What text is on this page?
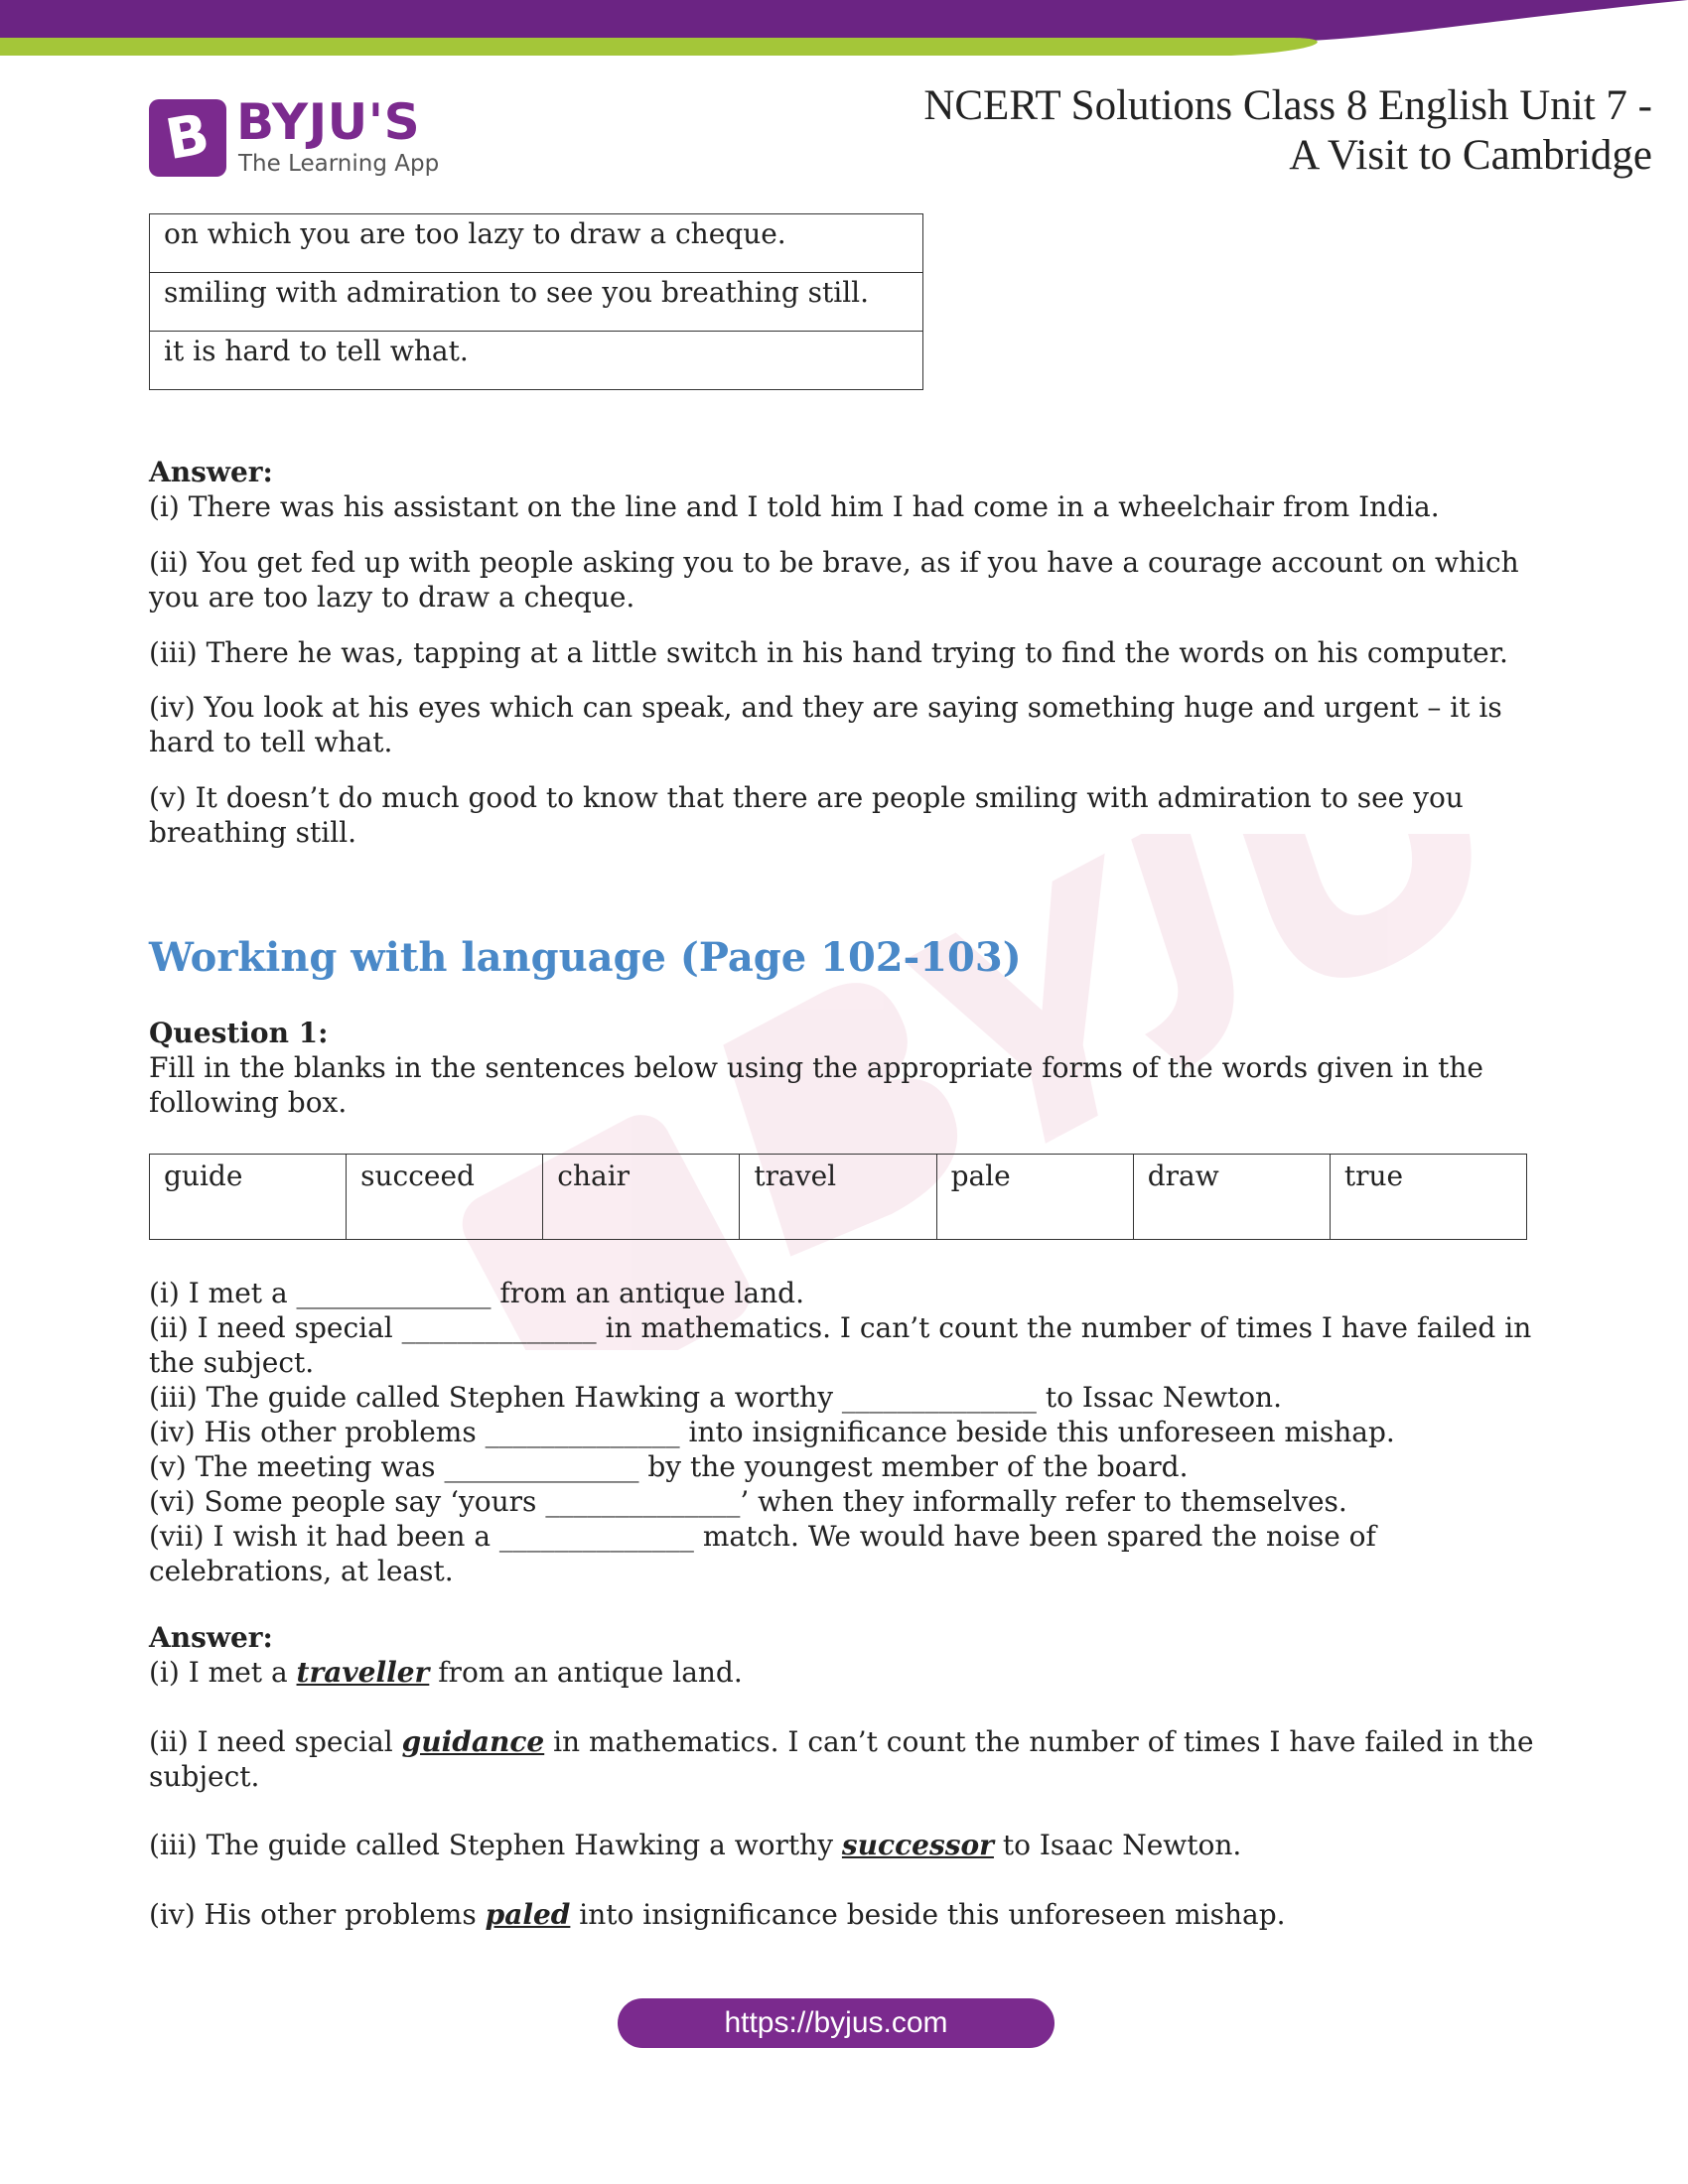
B BYJU'S
The Learning App
NCERT Solutions Class 8 English Unit 7 -
A Visit to Cambridge
on which you are too lazy to draw a cheque.
smiling with admiration to see you breathing still.
it is hard to tell what.

Answer:

(i) There was his assistant on the line and I told him I had come in a wheelchair from India.

(ii) You get fed up with people asking you to be brave, as if you have a courage account on which you are too lazy to draw a cheque.

(iii) There he was, tapping at a little switch in his hand trying to find the words on his computer.

(iv) You look at his eyes which can speak, and they are saying something huge and urgent – it is hard to tell what.

(v) It doesn’t do much good to know that there are people smiling with admiration to see you breathing still.

Working with language (Page 102-103)

Question 1:

Fill in the blanks in the sentences below using the appropriate forms of the words given in the following box.

guide	succeed	chair	travel	pale	draw	true

(i) I met a ______________ from an antique land.

(ii) I need special ______________ in mathematics. I can’t count the number of times I have failed in the subject.

(iii) The guide called Stephen Hawking a worthy ______________ to Issac Newton.

(iv) His other problems ______________ into insignificance beside this unforeseen mishap.

(v) The meeting was ______________ by the youngest member of the board.

(vi) Some people say ‘yours ______________’ when they informally refer to themselves.

(vii) I wish it had been a ______________ match. We would have been spared the noise of celebrations, at least.

Answer:

(i) I met a traveller from an antique land.

(ii) I need special guidance in mathematics. I can’t count the number of times I have failed in the subject.

(iii) The guide called Stephen Hawking a worthy successor to Isaac Newton.

(iv) His other problems paled into insignificance beside this unforeseen mishap.

https://byjus.com
